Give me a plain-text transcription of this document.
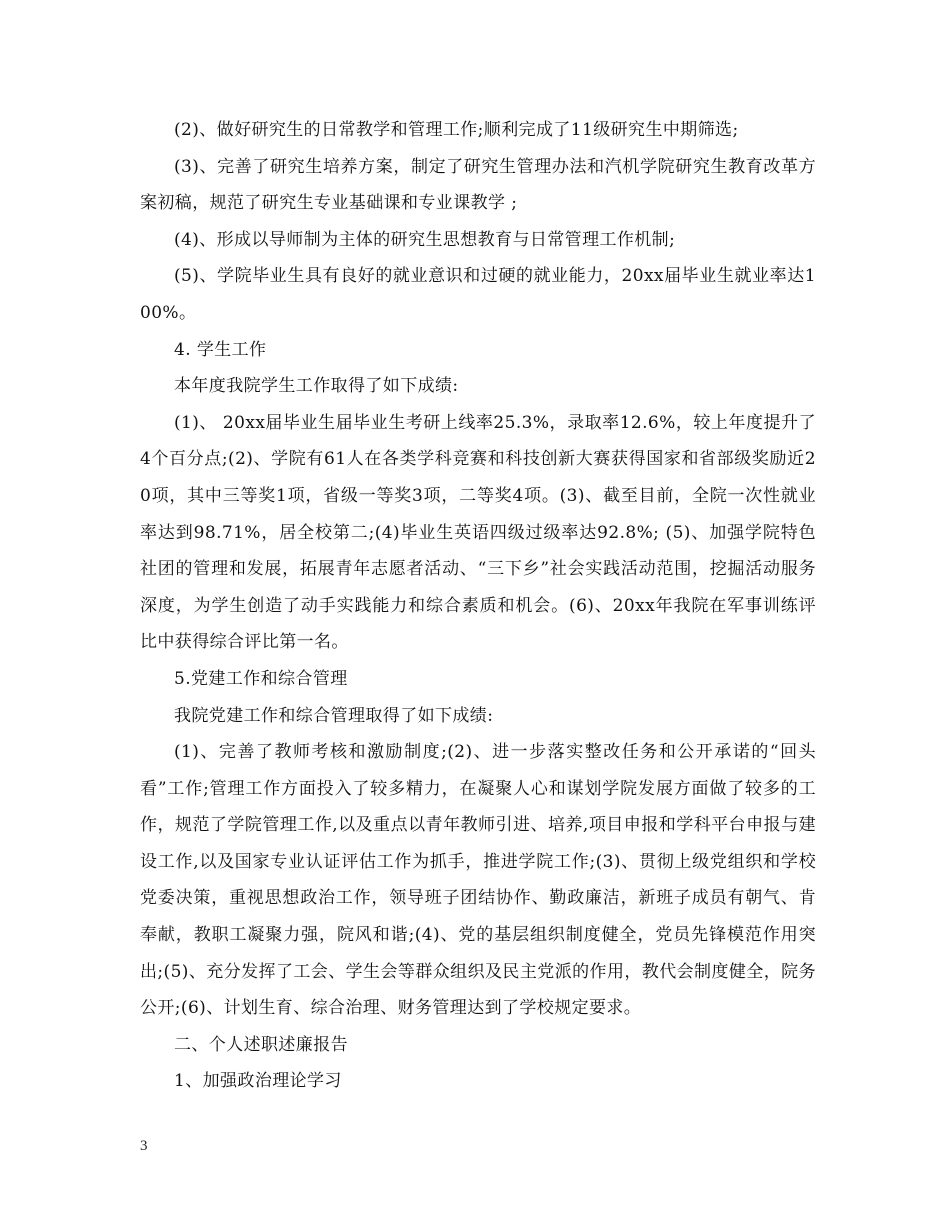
(2)、做好研究生的日常教学和管理工作;顺利完成了11级研究生中期筛选;

(3)、完善了研究生培养方案，制定了研究生管理办法和汽机学院研究生教育改革方案初稿，规范了研究生专业基础课和专业课教学 ;

(4)、形成以导师制为主体的研究生思想教育与日常管理工作机制;

(5)、学院毕业生具有良好的就业意识和过硬的就业能力，20xx届毕业生就业率达100%。

4. 学生工作

本年度我院学生工作取得了如下成绩:

(1)、 20xx届毕业生届毕业生考研上线率25.3%，录取率12.6%，较上年度提升了4个百分点;(2)、学院有61人在各类学科竞赛和科技创新大赛获得国家和省部级奖励近20项，其中三等奖1项，省级一等奖3项，二等奖4项。(3)、截至目前，全院一次性就业率达到98.71%，居全校第二;(4)毕业生英语四级过级率达92.8%; (5)、加强学院特色社团的管理和发展，拓展青年志愿者活动、“三下乡”社会实践活动范围，挖掘活动服务深度，为学生创造了动手实践能力和综合素质和机会。(6)、20xx年我院在军事训练评比中获得综合评比第一名。

5.党建工作和综合管理

我院党建工作和综合管理取得了如下成绩:

(1)、完善了教师考核和激励制度;(2)、进一步落实整改任务和公开承诺的“回头看”工作;管理工作方面投入了较多精力，在凝聚人心和谋划学院发展方面做了较多的工作，规范了学院管理工作,以及重点以青年教师引进、培养,项目申报和学科平台申报与建设工作,以及国家专业认证评估工作为抓手，推进学院工作;(3)、贯彻上级党组织和学校党委决策，重视思想政治工作，领导班子团结协作、勤政廉洁，新班子成员有朝气、肯奉献，教职工凝聚力强，院风和谐;(4)、党的基层组织制度健全，党员先锋模范作用突出;(5)、充分发挥了工会、学生会等群众组织及民主党派的作用，教代会制度健全，院务公开;(6)、计划生育、综合治理、财务管理达到了学校规定要求。

二、个人述职述廉报告

1、加强政治理论学习

3
